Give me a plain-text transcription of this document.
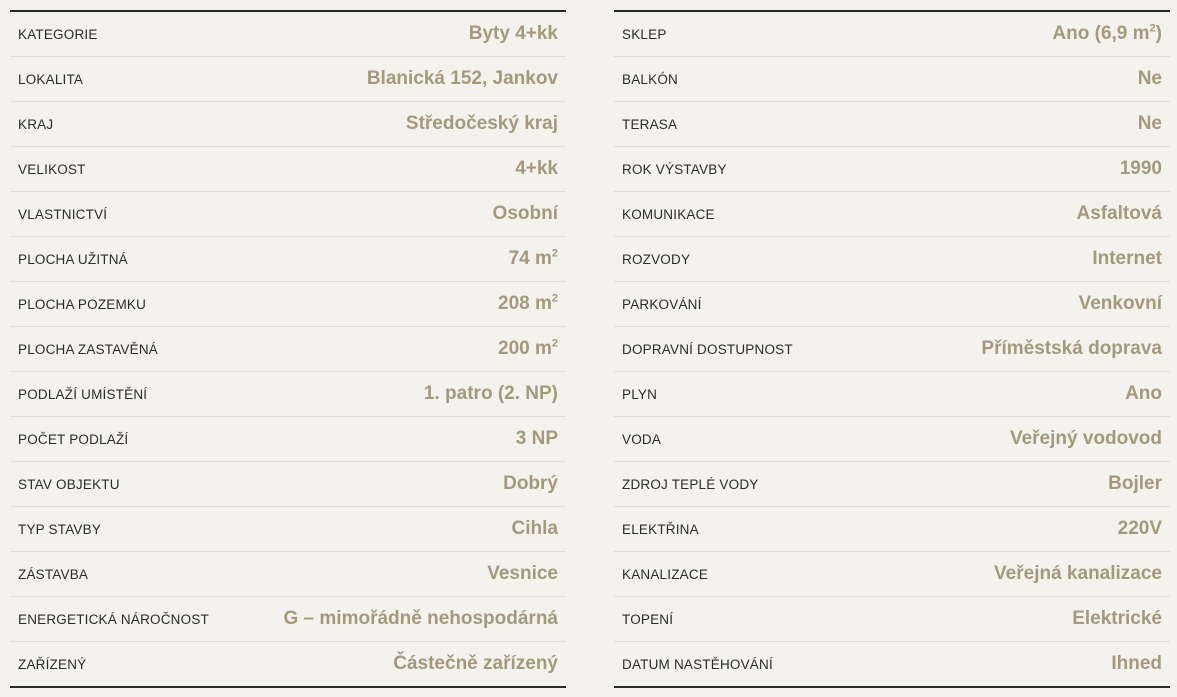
KATEGORIE	Byty 4+kk
LOKALITA	Blanická 152, Jankov
KRAJ	Středočeský kraj
VELIKOST	4+kk
VLASTNICTVÍ	Osobní
PLOCHA UŽITNÁ	74 $m^2$
PLOCHA POZEMKU	208 $m^2$
PLOCHA ZASTAVĚNÁ	200 $m^2$
PODLAŽÍ UMÍSTĚNÍ	1. patro (2. NP)
POČET PODLAŽÍ	3 NP
STAV OBJEKTU	Dobrý
TYP STAVBY	Cihla
ZÁSTAVBA	Vesnice
ENERGETICKÁ NÁROČNOST	G – mimořádně nehospodárná
ZAŘÍZENÝ	Částečně zařízený
SKLEP	Ano (6,9 $m^2$)
BALKÓN	Ne
TERASA	Ne
ROK VÝSTAVBY	1990
KOMUNIKACE	Asfaltová
ROZVODY	Internet
PARKOVÁNÍ	Venkovní
DOPRAVNÍ DOSTUPNOST	Příměstská doprava
PLYN	Ano
VODA	Veřejný vodovod
ZDROJ TEPLÉ VODY	Bojler
ELEKTŘINA	220V
KANALIZACE	Veřejná kanalizace
TOPENÍ	Elektrické
DATUM NASTĚHOVÁNÍ	Ihned
